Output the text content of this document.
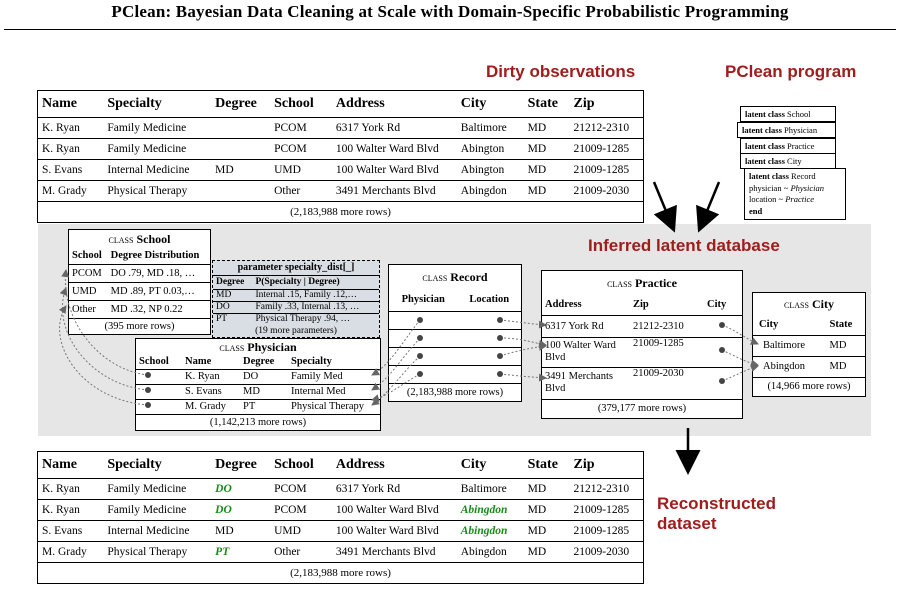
PClean: Bayesian Data Cleaning at Scale with Domain-Specific Probabilistic Programming
Dirty observations	PClean program
Inferred latent database
Reconstructed
dataset
Name	Specialty	Degree	School	Address	City	State	Zip
K. Ryan	Family Medicine		PCOM	6317 York Rd	Baltimore	MD	21212-2310
K. Ryan	Family Medicine		PCOM	100 Walter Ward Blvd	Abington	MD	21009-1285
S. Evans	Internal Medicine	MD	UMD	100 Walter Ward Blvd	Abington	MD	21009-1285
M. Grady	Physical Therapy		Other	3491 Merchants Blvd	Abingdon	MD	21009-2030
(2,183,988 more rows)							
Name	Specialty	Degree	School	Address	City	State	Zip
K. Ryan	Family Medicine	DO	PCOM	6317 York Rd	Baltimore	MD	21212-2310
K. Ryan	Family Medicine	DO	PCOM	100 Walter Ward Blvd	Abingdon	MD	21009-1285
S. Evans	Internal Medicine	MD	UMD	100 Walter Ward Blvd	Abingdon	MD	21009-1285
M. Grady	Physical Therapy	PT	Other	3491 Merchants Blvd	Abingdon	MD	21009-2030
(2,183,988 more rows)							
latent class School
latent class Physician
latent class Practice
latent class City
latent class Record
physician ~ Physician
location ~ Practice
end
class School
School	Degree Distribution
PCOM	DO .79, MD .18, …
UMD	MD .89, PT 0.03,…
Other	MD .32, NP 0.22
(395 more rows)
parameter specialty_dist[_]
Degree	P(Specialty | Degree)
MD	Internal .15, Family .12,…
DO	Family .33, Internal .13, …
PT	Physical Therapy .94, …
(19 more parameters)
class Physician
School	Name	Degree	Specialty
	K. Ryan	DO	Family Med
	S. Evans	MD	Internal Med
	M. Grady	PT	Physical Therapy
(1,142,213 more rows)
class Record
Physician	Location

(2,183,988 more rows)
class Practice
Address	Zip	City
6317 York Rd	21212-2310	
100 Walter Ward Blvd	21009-1285	
3491 Merchants Blvd	21009-2030	
(379,177 more rows)
class City
City	State
Baltimore	MD
Abingdon	MD
(14,966 more rows)
